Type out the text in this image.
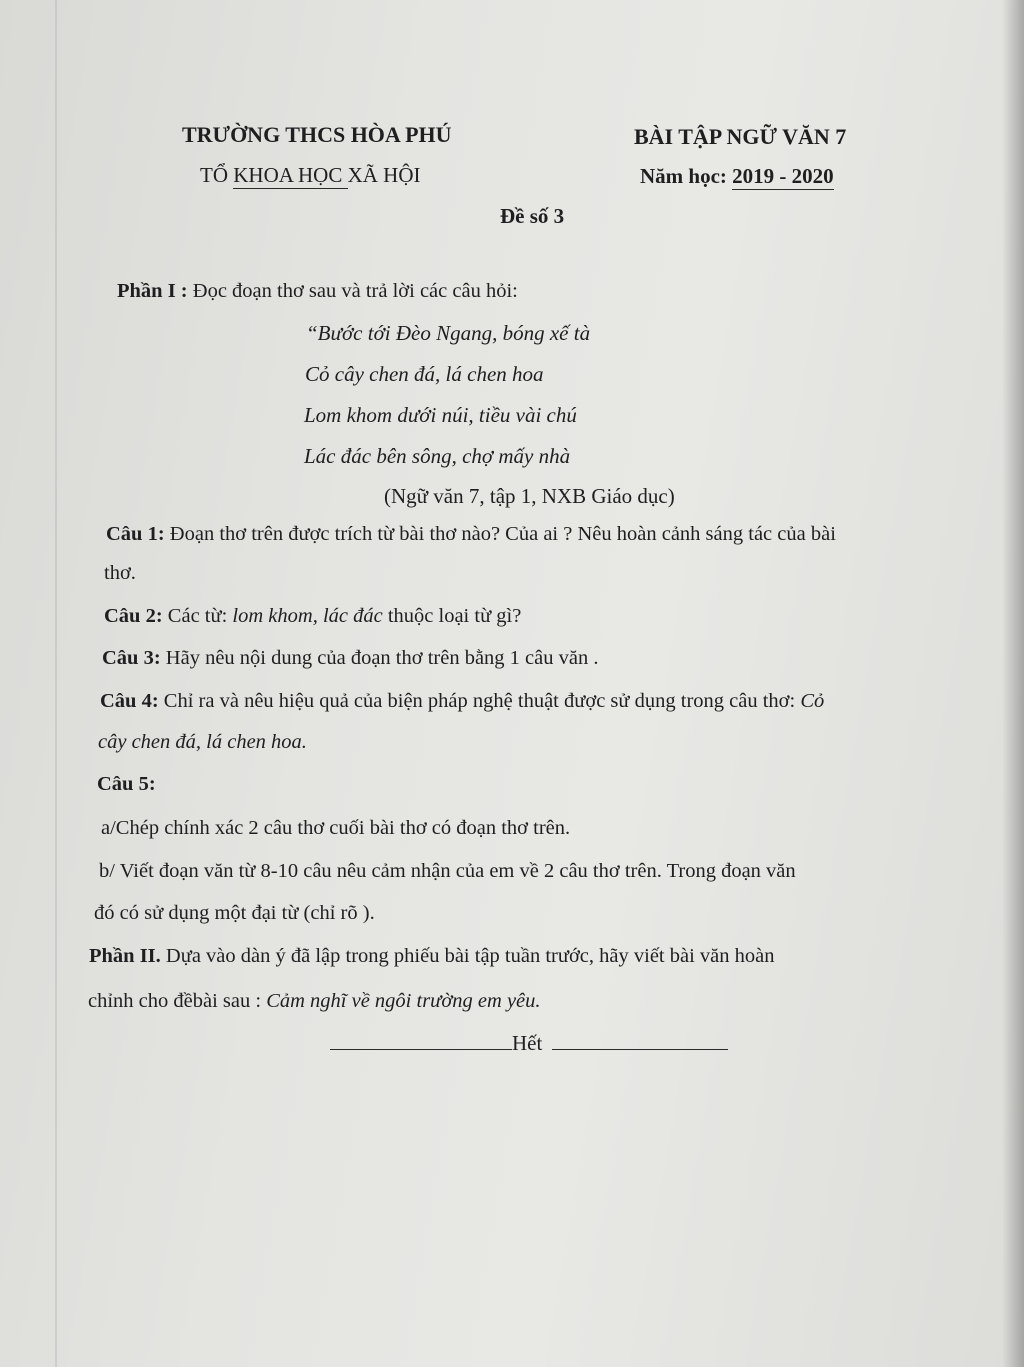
TRƯỜNG THCS HÒA PHÚ
TỔ KHOA HỌC XÃ HỘI
BÀI TẬP NGỮ VĂN 7
Năm học: 2019 - 2020
Đề số 3
Phần I : Đọc đoạn thơ sau và trả lời các câu hỏi:
“Bước tới Đèo Ngang, bóng xế tà
Cỏ cây chen đá, lá chen hoa
Lom khom dưới núi, tiều vài chú
Lác đác bên sông, chợ mấy nhà
(Ngữ văn 7, tập 1, NXB Giáo dục)
Câu 1: Đoạn thơ trên được trích từ bài thơ nào? Của ai ? Nêu hoàn cảnh sáng tác của bài
thơ.
Câu 2: Các từ: lom khom, lác đác thuộc loại từ gì?
Câu 3: Hãy nêu nội dung của đoạn thơ trên bằng 1 câu văn .
Câu 4: Chỉ ra và nêu hiệu quả của biện pháp nghệ thuật được sử dụng trong câu thơ: Cỏ
cây chen đá, lá chen hoa.
Câu 5:
a/Chép chính xác 2 câu thơ cuối bài thơ có đoạn thơ trên.
b/ Viết đoạn văn từ 8-10 câu nêu cảm nhận của em về 2 câu thơ trên. Trong đoạn văn
đó có sử dụng một đại từ (chỉ rõ ).
Phần II. Dựa vào dàn ý đã lập trong phiếu bài tập tuần trước, hãy viết bài văn hoàn
chỉnh cho đềbài sau : Cảm nghĩ về ngôi trường em yêu.
Hết
